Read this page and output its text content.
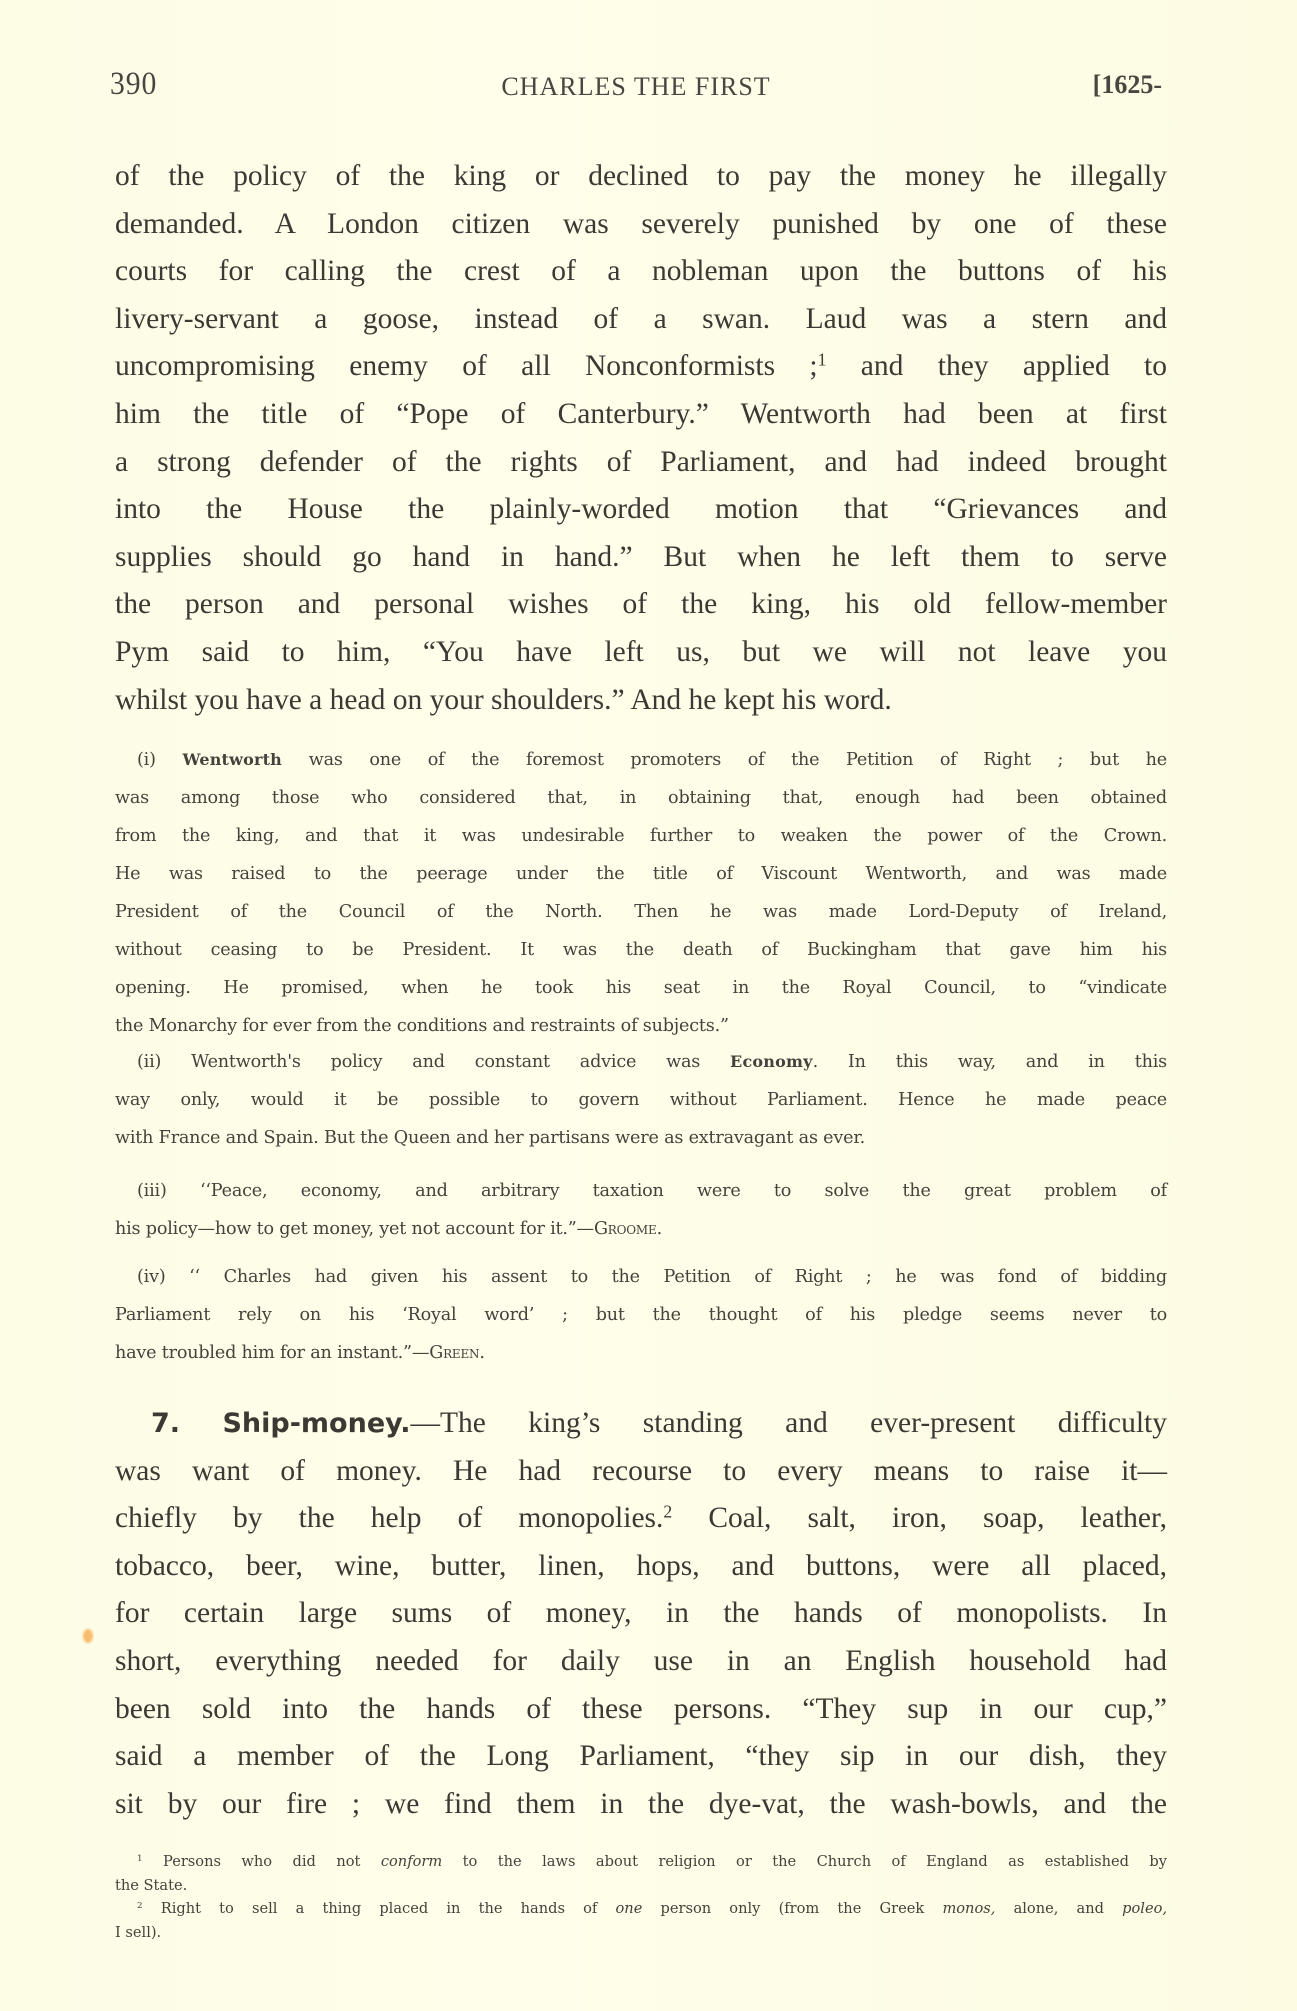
390	CHARLES THE FIRST	[1625-
of the policy of the king or declined to pay the money he illegally
demanded. A London citizen was severely punished by one of these
courts for calling the crest of a nobleman upon the buttons of his
livery-servant a goose, instead of a swan. Laud was a stern and
uncompromising enemy of all Nonconformists ;$^1$ and they applied to
him the title of “Pope of Canterbury.” Wentworth had been at first
a strong defender of the rights of Parliament, and had indeed brought
into the House the plainly-worded motion that “Grievances and
supplies should go hand in hand.” But when he left them to serve
the person and personal wishes of the king, his old fellow-member
Pym said to him, “You have left us, but we will not leave you
whilst you have a head on your shoulders.” And he kept his word.
(i) Wentworth was one of the foremost promoters of the Petition of Right ; but he
was among those who considered that, in obtaining that, enough had been obtained
from the king, and that it was undesirable further to weaken the power of the Crown.
He was raised to the peerage under the title of Viscount Wentworth, and was made
President of the Council of the North. Then he was made Lord-Deputy of Ireland,
without ceasing to be President. It was the death of Buckingham that gave him his
opening. He promised, when he took his seat in the Royal Council, to “vindicate
the Monarchy for ever from the conditions and restraints of subjects.”
(ii) Wentworth's policy and constant advice was Economy. In this way, and in this
way only, would it be possible to govern without Parliament. Hence he made peace
with France and Spain. But the Queen and her partisans were as extravagant as ever.
(iii) ‘‘Peace, economy, and arbitrary taxation were to solve the great problem of
his policy—how to get money, yet not account for it.”—Groome.
(iv) ‘‘ Charles had given his assent to the Petition of Right ; he was fond of bidding
Parliament rely on his ‘Royal word’ ; but the thought of his pledge seems never to
have troubled him for an instant.”—Green.
7. Ship-money.—The king’s standing and ever-present difficulty
was want of money. He had recourse to every means to raise it—
chiefly by the help of monopolies.$^2$ Coal, salt, iron, soap, leather,
tobacco, beer, wine, butter, linen, hops, and buttons, were all placed,
for certain large sums of money, in the hands of monopolists. In
short, everything needed for daily use in an English household had
been sold into the hands of these persons. “They sup in our cup,”
said a member of the Long Parliament, “they sip in our dish, they
sit by our fire ; we find them in the dye-vat, the wash-bowls, and the
$^1$ Persons who did not conform to the laws about religion or the Church of England as established by
the State.
$^2$ Right to sell a thing placed in the hands of one person only (from the Greek monos, alone, and poleo,
I sell).
